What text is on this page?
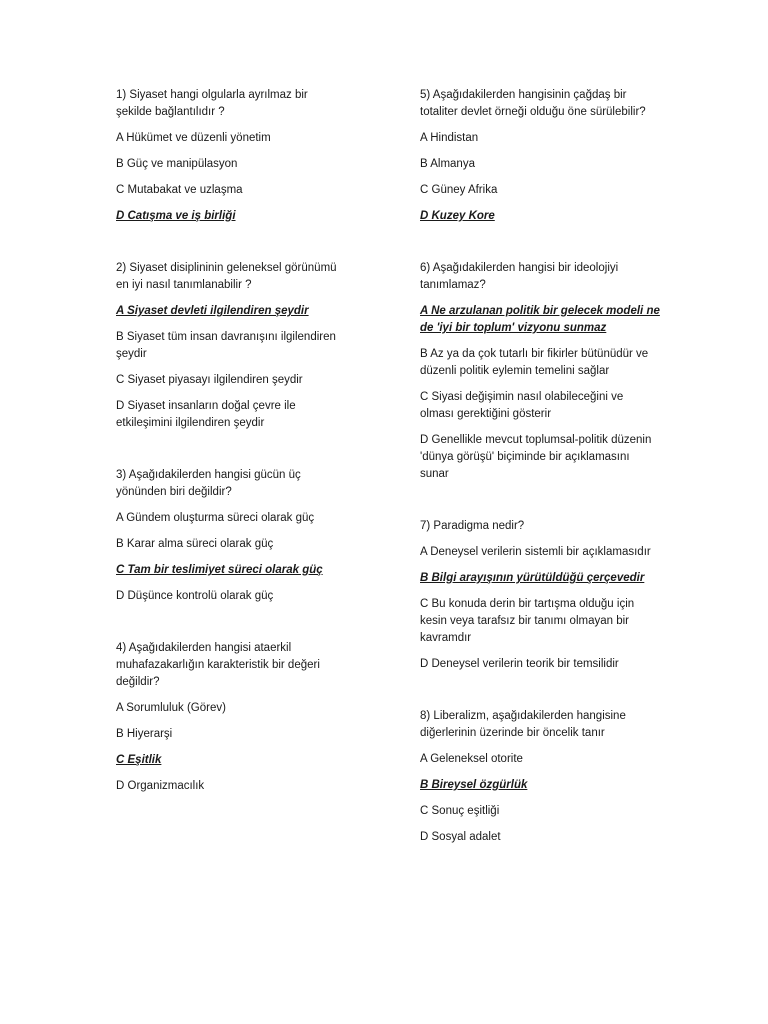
1) Siyaset hangi olgularla ayrılmaz bir şekilde bağlantılıdır ?

A Hükümet ve düzenli yönetim

B Güç ve manipülasyon

C Mutabakat ve uzlaşma

D Catışma ve iş birliği

2) Siyaset disiplininin geleneksel görünümü en iyi nasıl tanımlanabilir ?

A Siyaset devleti ilgilendiren şeydir

B Siyaset tüm insan davranışını ilgilendiren şeydir

C Siyaset piyasayı ilgilendiren şeydir

D Siyaset insanların doğal çevre ile etkileşimini ilgilendiren şeydir

3) Aşağıdakilerden hangisi gücün üç yönünden biri değildir?

A Gündem oluşturma süreci olarak güç

B Karar alma süreci olarak güç

C Tam bir teslimiyet süreci olarak güç

D Düşünce kontrolü olarak güç

4) Aşağıdakilerden hangisi ataerkil muhafazakarlığın karakteristik bir değeri değildir?

A Sorumluluk (Görev)

B Hiyerarşi

C Eşitlik

D Organizmacılık

5) Aşağıdakilerden hangisinin çağdaş bir totaliter devlet örneği olduğu öne sürülebilir?

A Hindistan

B Almanya

C Güney Afrika

D Kuzey Kore

6) Aşağıdakilerden hangisi bir ideolojiyi tanımlamaz?

A Ne arzulanan politik bir gelecek modeli ne de 'iyi bir toplum' vizyonu sunmaz

B Az ya da çok tutarlı bir fikirler bütünüdür ve düzenli politik eylemin temelini sağlar

C Siyasi değişimin nasıl olabileceğini ve olması gerektiğini gösterir

D Genellikle mevcut toplumsal-politik düzenin 'dünya görüşü' biçiminde bir açıklamasını sunar

7) Paradigma nedir?

A Deneysel verilerin sistemli bir açıklamasıdır

B Bilgi arayışının yürütüldüğü çerçevedir

C Bu konuda derin bir tartışma olduğu için kesin veya tarafsız bir tanımı olmayan bir kavramdır

D Deneysel verilerin teorik bir temsilidir

8) Liberalizm, aşağıdakilerden hangisine diğerlerinin üzerinde bir öncelik tanır

A Geleneksel otorite

B Bireysel özgürlük

C Sonuç eşitliği

D Sosyal adalet
